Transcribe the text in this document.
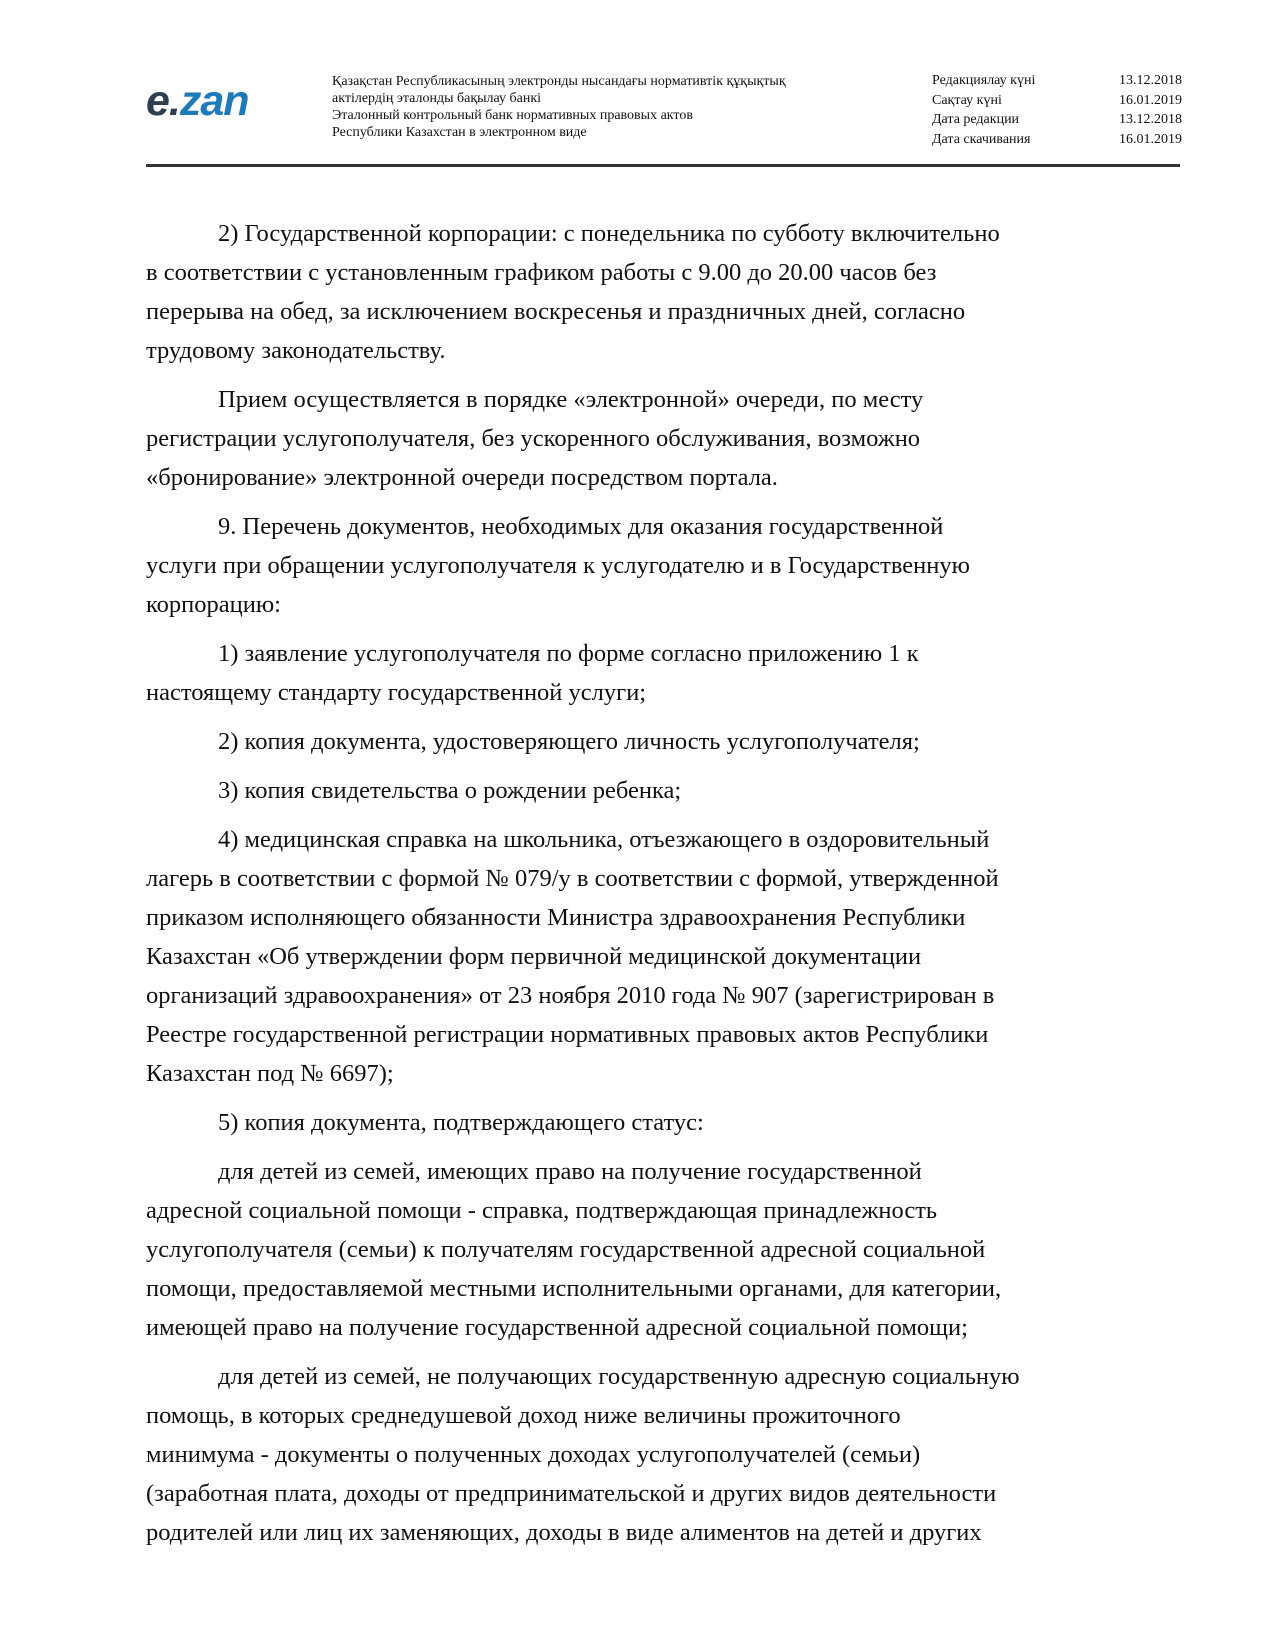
e.zan	Қазақстан Республикасының электронды нысандағы нормативтік құқықтық
актілердің эталонды бақылау банкі
Эталонный контрольный банк нормативных правовых актов
Республики Казахстан в электронном виде
Редакциялау күні	13.12.2018
Сақтау күні	16.01.2019
Дата редакции	13.12.2018
Дата скачивания	16.01.2019
2) Государственной корпорации: с понедельника по субботу включительно
в соответствии с установленным графиком работы с 9.00 до 20.00 часов без
перерыва на обед, за исключением воскресенья и праздничных дней, согласно
трудовому законодательству.
Прием осуществляется в порядке «электронной» очереди, по месту
регистрации услугополучателя, без ускоренного обслуживания, возможно
«бронирование» электронной очереди посредством портала.
9. Перечень документов, необходимых для оказания государственной
услуги при обращении услугополучателя к услугодателю и в Государственную
корпорацию:
1) заявление услугополучателя по форме согласно приложению 1 к
настоящему стандарту государственной услуги;
2) копия документа, удостоверяющего личность услугополучателя;
3) копия свидетельства о рождении ребенка;
4) медицинская справка на школьника, отъезжающего в оздоровительный
лагерь в соответствии с формой № 079/у в соответствии с формой, утвержденной
приказом исполняющего обязанности Министра здравоохранения Республики
Казахстан «Об утверждении форм первичной медицинской документации
организаций здравоохранения» от 23 ноября 2010 года № 907 (зарегистрирован в
Реестре государственной регистрации нормативных правовых актов Республики
Казахстан под № 6697);
5) копия документа, подтверждающего статус:
для детей из семей, имеющих право на получение государственной
адресной социальной помощи - справка, подтверждающая принадлежность
услугополучателя (семьи) к получателям государственной адресной социальной
помощи, предоставляемой местными исполнительными органами, для категории,
имеющей право на получение государственной адресной социальной помощи;
для детей из семей, не получающих государственную адресную социальную
помощь, в которых среднедушевой доход ниже величины прожиточного
минимума - документы о полученных доходах услугополучателей (семьи)
(заработная плата, доходы от предпринимательской и других видов деятельности
родителей или лиц их заменяющих, доходы в виде алиментов на детей и других
